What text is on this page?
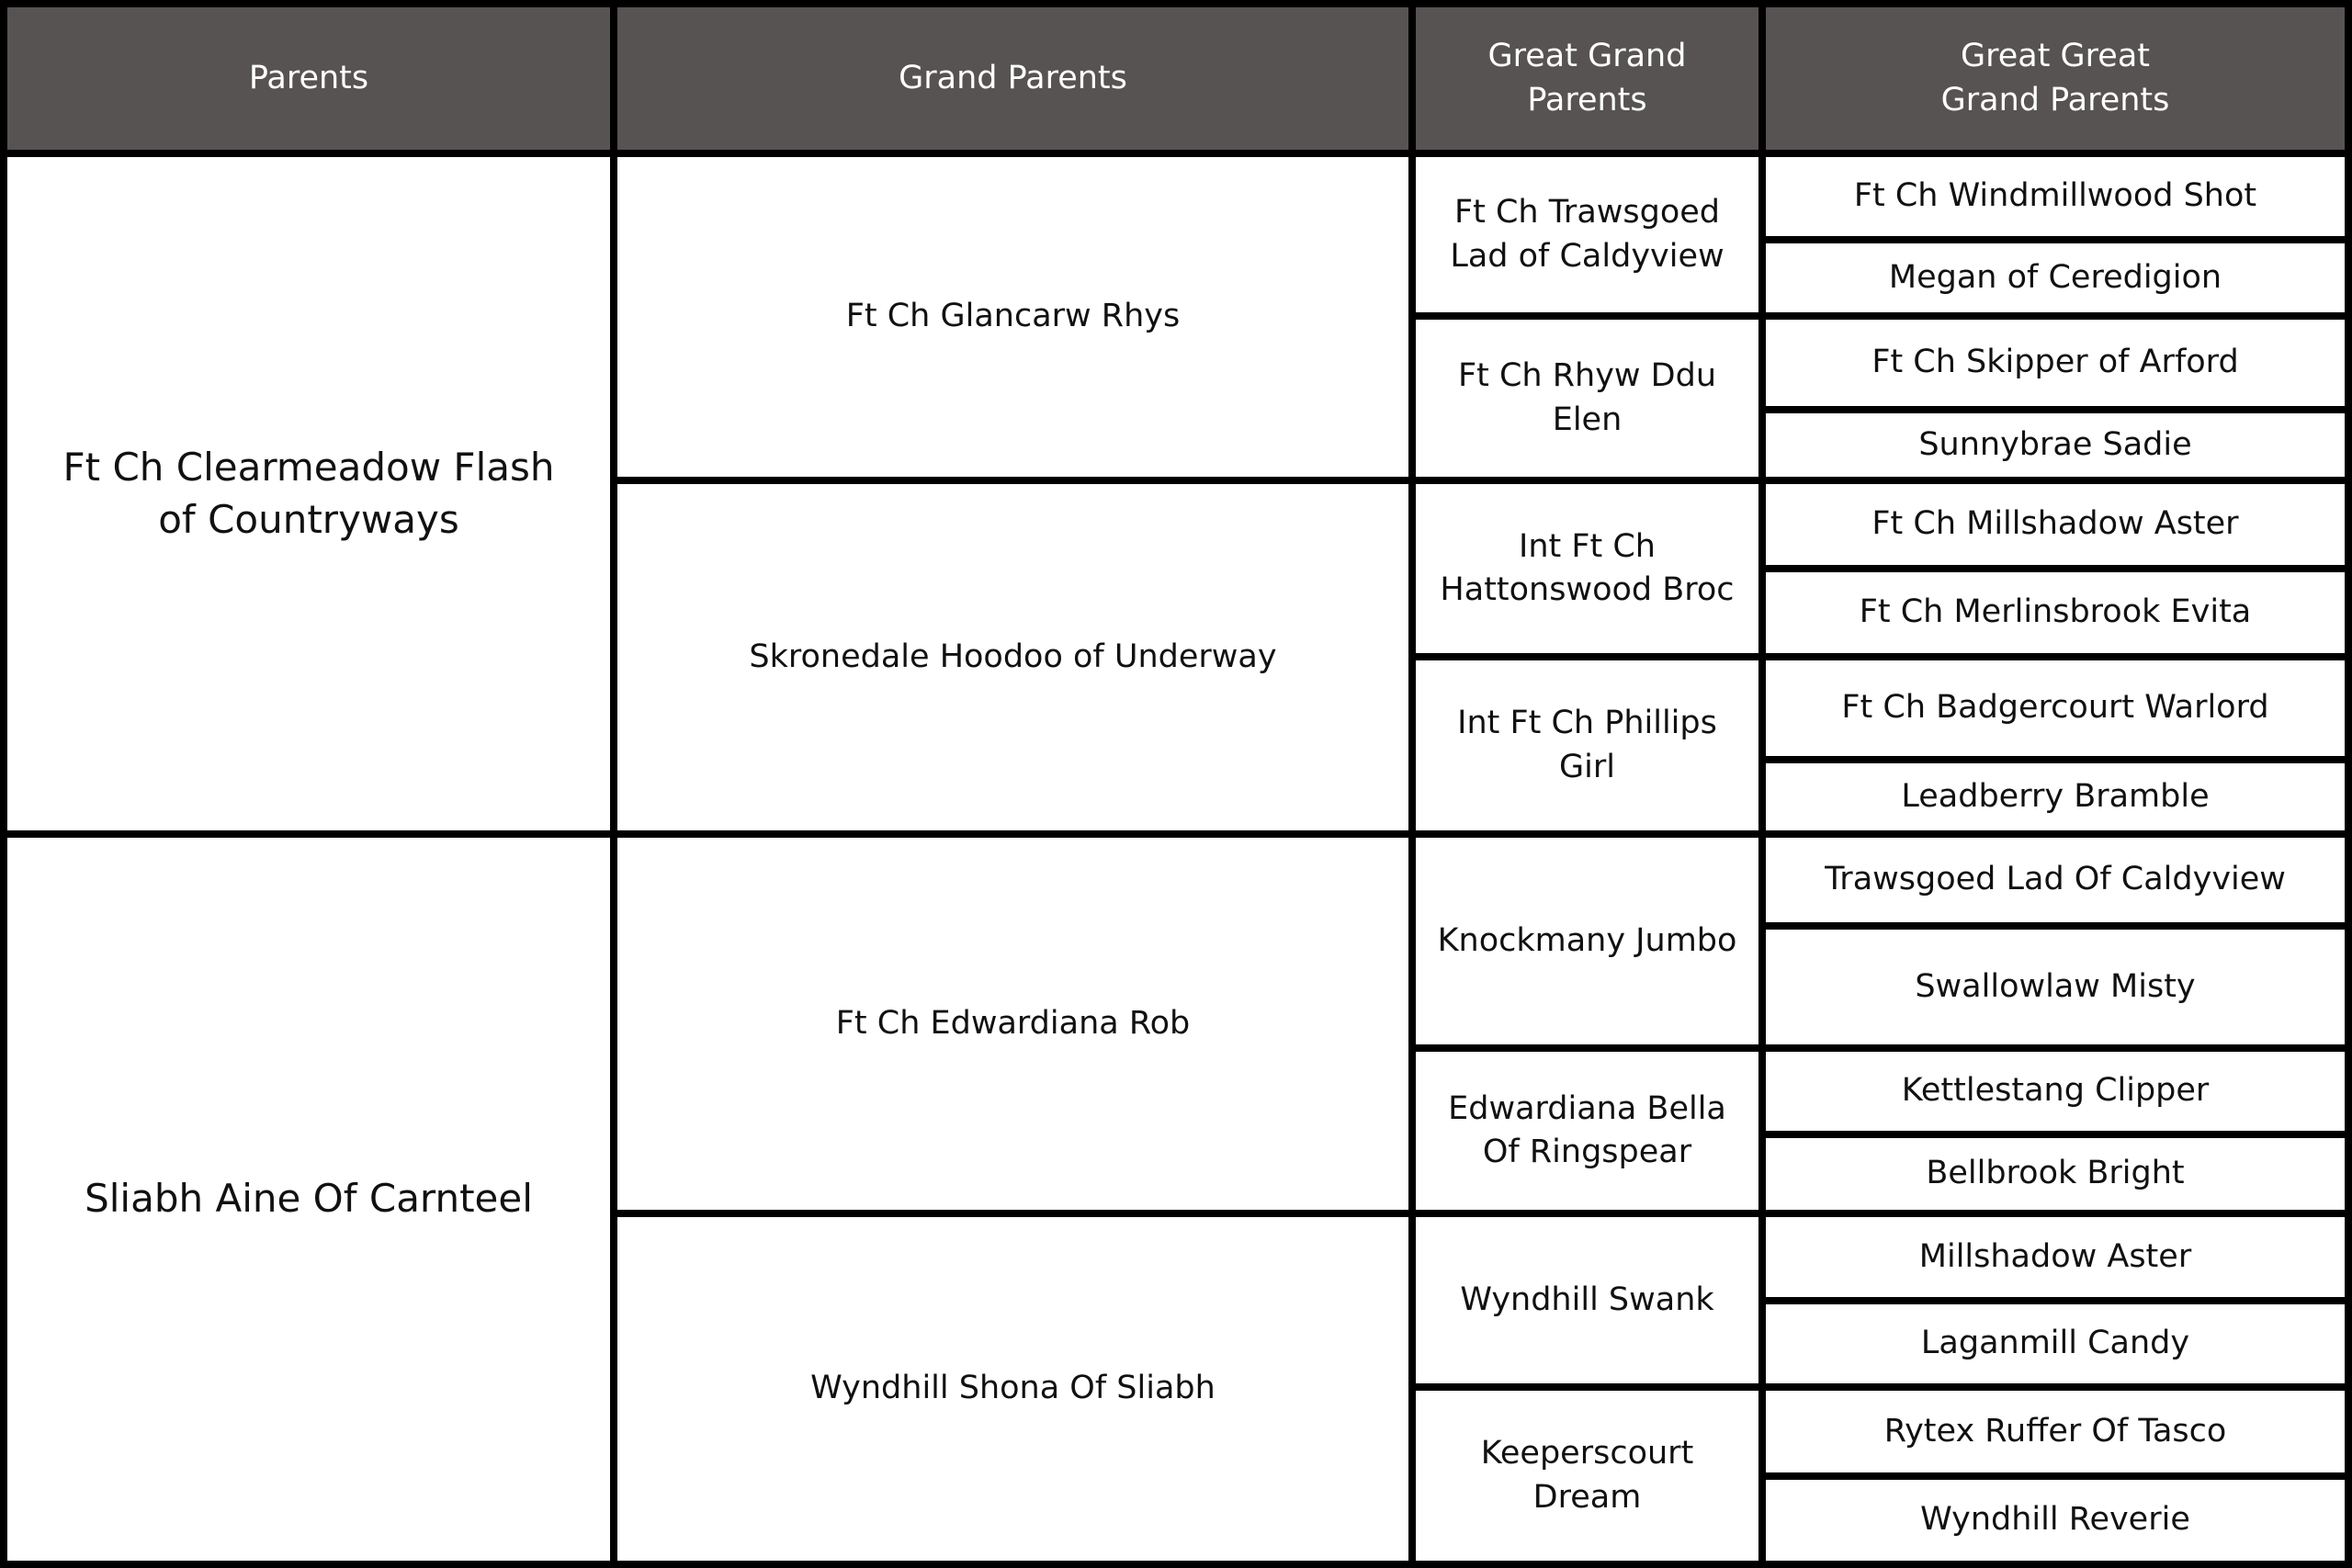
Parents	Grand Parents
Great Grand
Parents
Great Great
Grand Parents
Ft Ch Clearmeadow Flash of Countryways
Sliabh Aine Of Carnteel
Ft Ch Glancarw Rhys
Skronedale Hoodoo of Underway
Ft Ch Edwardiana Rob
Wyndhill Shona Of Sliabh
Ft Ch Trawsgoed Lad of Caldyview
Ft Ch Rhyw Ddu Elen
Int Ft Ch Hattonswood Broc
Int Ft Ch Phillips Girl
Knockmany Jumbo
Edwardiana Bella Of Ringspear
Wyndhill Swank
Keeperscourt Dream
Ft Ch Windmillwood Shot
Megan of Ceredigion
Ft Ch Skipper of Arford
Sunnybrae Sadie
Ft Ch Millshadow Aster
Ft Ch Merlinsbrook Evita
Ft Ch Badgercourt Warlord
Leadberry Bramble
Trawsgoed Lad Of Caldyview
Swallowlaw Misty
Kettlestang Clipper
Bellbrook Bright
Millshadow Aster
Laganmill Candy
Rytex Ruffer Of Tasco
Wyndhill Reverie
